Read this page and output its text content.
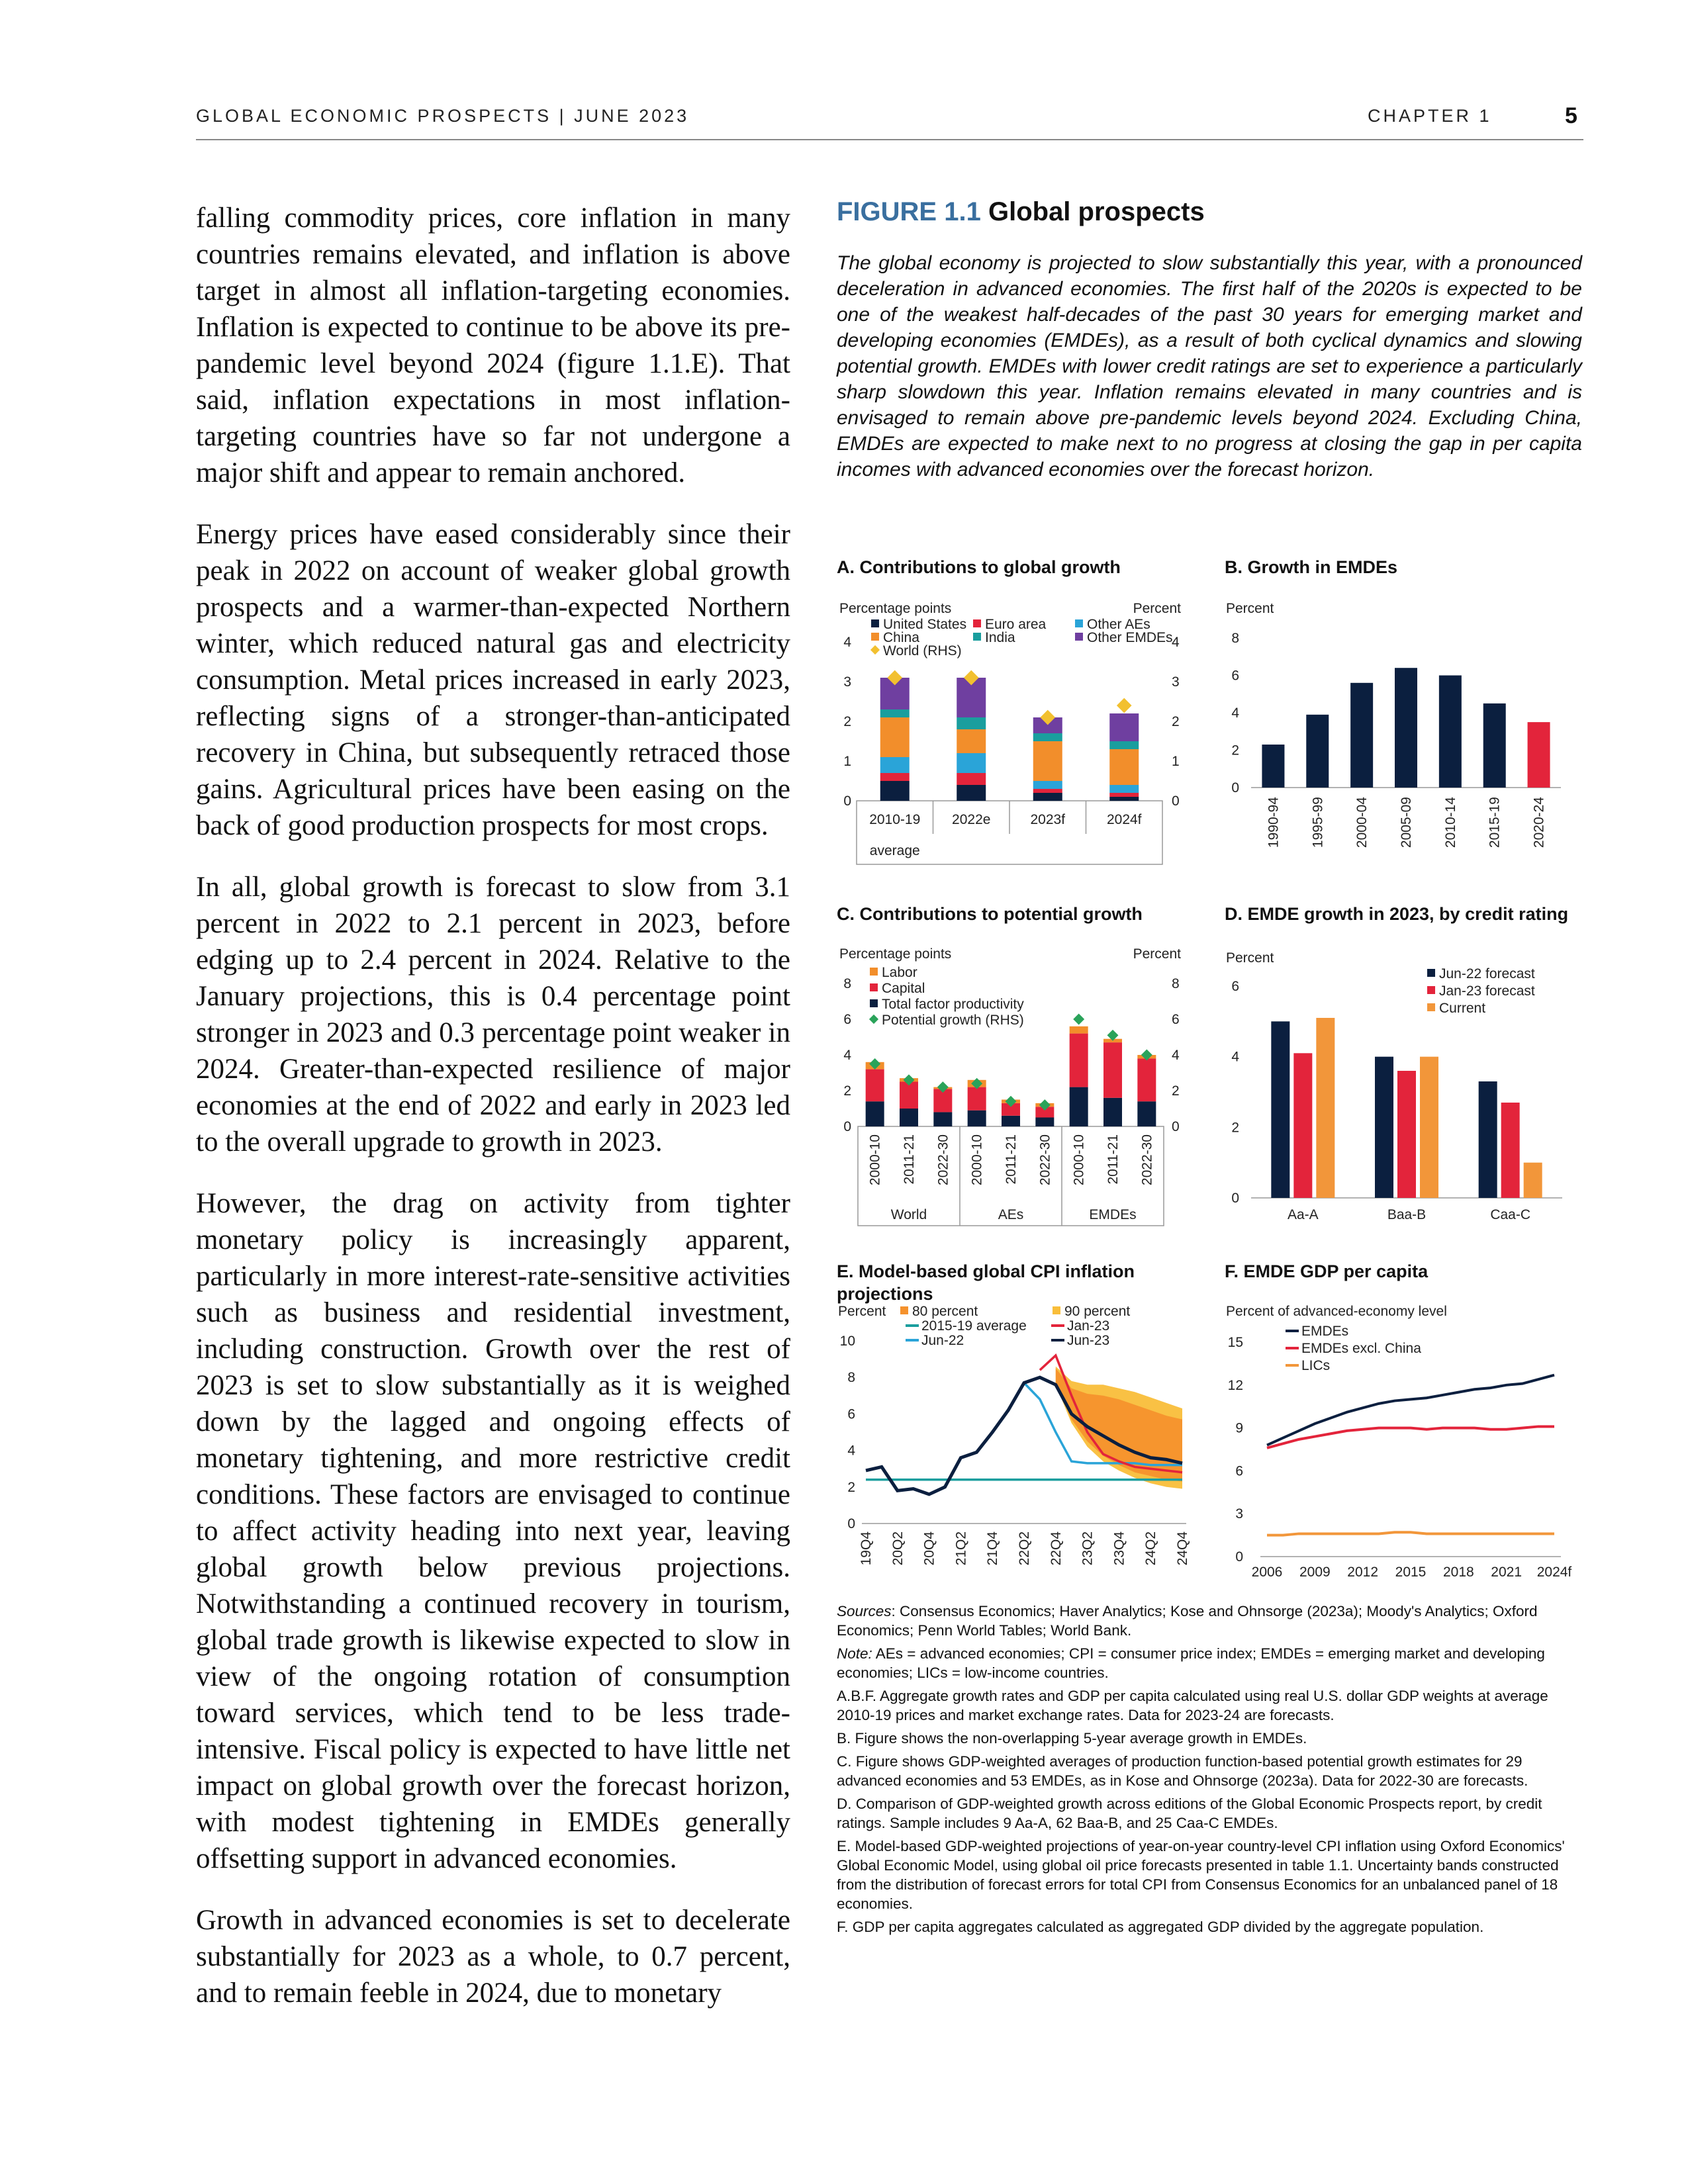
GLOBAL ECONOMIC PROSPECTS | JUNE 2023	CHAPTER 1	5

falling commodity prices, core inflation in many countries remains elevated, and inflation is above target in almost all inflation-targeting economies. Inflation is expected to continue to be above its pre-pandemic level beyond 2024 (figure 1.1.E). That said, inflation expectations in most inflation-targeting countries have so far not undergone a major shift and appear to remain anchored.

Energy prices have eased considerably since their peak in 2022 on account of weaker global growth prospects and a warmer-than-expected Northern winter, which reduced natural gas and electricity consumption. Metal prices increased in early 2023, reflecting signs of a stronger-than-anticipated recovery in China, but subsequently retraced those gains. Agricultural prices have been easing on the back of good production prospects for most crops.

In all, global growth is forecast to slow from 3.1 percent in 2022 to 2.1 percent in 2023, before edging up to 2.4 percent in 2024. Relative to the January projections, this is 0.4 percentage point stronger in 2023 and 0.3 percentage point weaker in 2024. Greater-than-expected resilience of major economies at the end of 2022 and early in 2023 led to the overall upgrade to growth in 2023.

However, the drag on activity from tighter monetary policy is increasingly apparent, particularly in more interest-rate-sensitive activities such as business and residential investment, including construction. Growth over the rest of 2023 is set to slow substantially as it is weighed down by the lagged and ongoing effects of monetary tightening, and more restrictive credit conditions. These factors are envisaged to continue to affect activity heading into next year, leaving global growth below previous projections. Notwithstanding a continued recovery in tourism, global trade growth is likewise expected to slow in view of the ongoing rotation of consumption toward services, which tend to be less trade-intensive. Fiscal policy is expected to have little net impact on global growth over the forecast horizon, with modest tightening in EMDEs generally offsetting support in advanced economies.

Growth in advanced economies is set to decelerate substantially for 2023 as a whole, to 0.7 percent, and to remain feeble in 2024, due to monetary

FIGURE 1.1 Global prospects

The global economy is projected to slow substantially this year, with a pronounced deceleration in advanced economies. The first half of the 2020s is expected to be one of the weakest half-decades of the past 30 years for emerging market and developing economies (EMDEs), as a result of both cyclical dynamics and slowing potential growth. EMDEs with lower credit ratings are set to experience a particularly sharp slowdown this year. Inflation remains elevated in many countries and is envisaged to remain above pre-pandemic levels beyond 2024. Excluding China, EMDEs are expected to make next to no progress at closing the gap in per capita incomes with advanced economies over the forecast horizon.

A. Contributions to global growth	B. Growth in EMDEs
C. Contributions to potential growth	D. EMDE growth in 2023, by credit rating
E. Model-based global CPI inflation projections
F. EMDE GDP per capita
Percentage points	Percent
0	0
1	1
2	2
3	3
4	4
United States Euro area	Other AEs
China	India	Other EMDEs
World (RHS)
2010-19
average
2022e	2023f	2024f
Percent
0
2
4
6
8
1990-94 1995-99 2000-04 2005-09 2010-14 2015-19 2020-24
Percentage points	Percent
0	0
2	2
4	4
6	6
8	8
Labor
Capital
Total factor productivity
Potential growth (RHS)
2000-10 2011-21 2022-30 2000-10 2011-21 2022-30 2000-10 2011-21 2022-30
World	AEs	EMDEs
Percent
0
2
4
6
Jun-22 forecast
Jan-23 forecast
Current
Aa-A	Baa-B	Caa-C
Percent
0
2
4
6
8
10
80 percent	90 percent
2015-19 average	Jan-23
Jun-22	Jun-23
19Q4 20Q2 20Q4 21Q2 21Q4 22Q2 22Q4 23Q2 23Q4 24Q2 24Q4
Percent of advanced-economy level
0
3
6
9
12
15
EMDEs
EMDEs excl. China
LICs
2006 2009 2012 2015 2018 2021 2024f

Sources: Consensus Economics; Haver Analytics; Kose and Ohnsorge (2023a); Moody's Analytics; Oxford Economics; Penn World Tables; World Bank.

Note: AEs = advanced economies; CPI = consumer price index; EMDEs = emerging market and developing economies; LICs = low-income countries.

A.B.F. Aggregate growth rates and GDP per capita calculated using real U.S. dollar GDP weights at average 2010-19 prices and market exchange rates. Data for 2023-24 are forecasts.

B. Figure shows the non-overlapping 5-year average growth in EMDEs.

C. Figure shows GDP-weighted averages of production function-based potential growth estimates for 29 advanced economies and 53 EMDEs, as in Kose and Ohnsorge (2023a). Data for 2022-30 are forecasts.

D. Comparison of GDP-weighted growth across editions of the Global Economic Prospects report, by credit ratings. Sample includes 9 Aa-A, 62 Baa-B, and 25 Caa-C EMDEs.

E. Model-based GDP-weighted projections of year-on-year country-level CPI inflation using Oxford Economics' Global Economic Model, using global oil price forecasts presented in table 1.1. Uncertainty bands constructed from the distribution of forecast errors for total CPI from Consensus Economics for an unbalanced panel of 18 economies.

F. GDP per capita aggregates calculated as aggregated GDP divided by the aggregate population.
